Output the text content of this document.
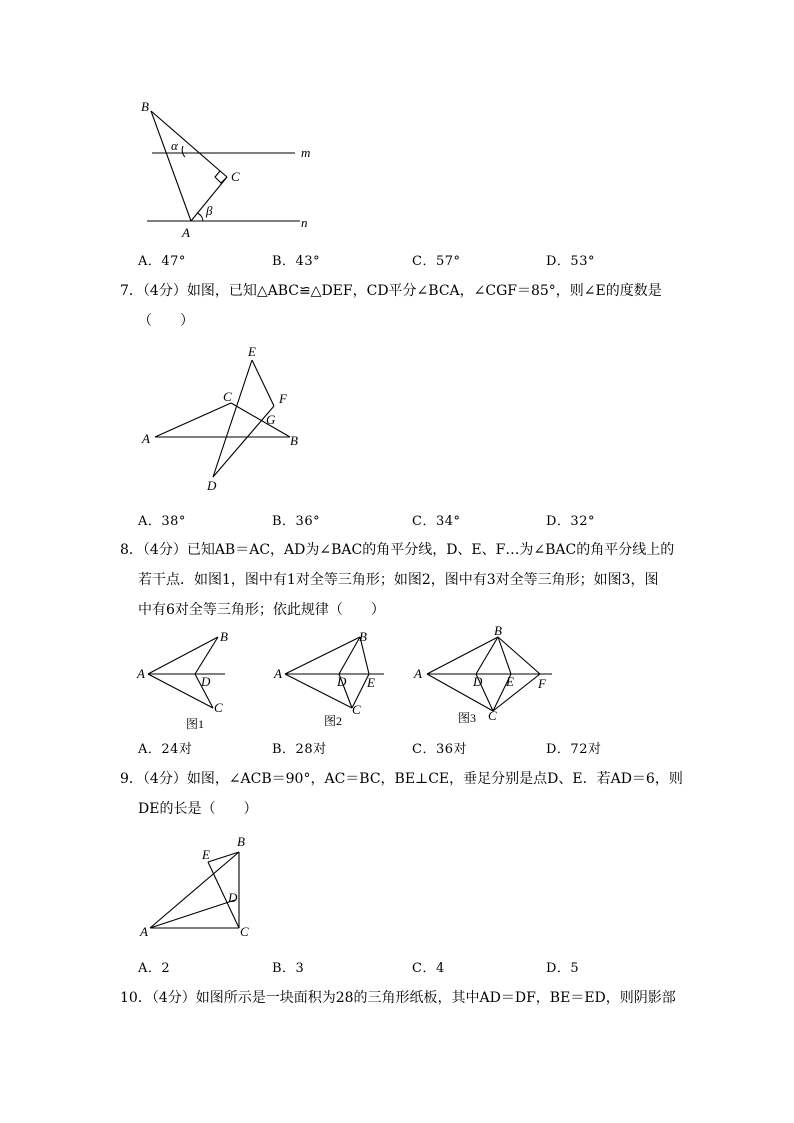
B
α	m
C
β
A
n
A．47°	B．43°	C．57°	D．53°
7．（4分）如图，已知△ABC≌△DEF，CD平分∠BCA，∠CGF＝85°，则∠E的度数是
（　　）
E
C	F
G
A	B
D
A．38°	B．36°	C．34°	D．32°
8．（4分）已知AB＝AC，AD为∠BAC的角平分线，D、E、F…为∠BAC的角平分线上的
若干点．如图1，图中有1对全等三角形；如图2，图中有3对全等三角形；如图3，图
中有6对全等三角形；依此规律（　　）
A
B
D
C
图1
A
B
D E
C
图2
A
B
D E F
C
图3
A．24对	B．28对	C．36对	D．72对
9．（4分）如图，∠ACB＝90°，AC＝BC，BE⊥CE，垂足分别是点D、E．若AD＝6，则
DE的长是（　　）
E
B
D
A	C
A．2	B．3	C．4	D．5
10．（4分）如图所示是一块面积为28的三角形纸板，其中AD＝DF，BE＝ED，则阴影部
